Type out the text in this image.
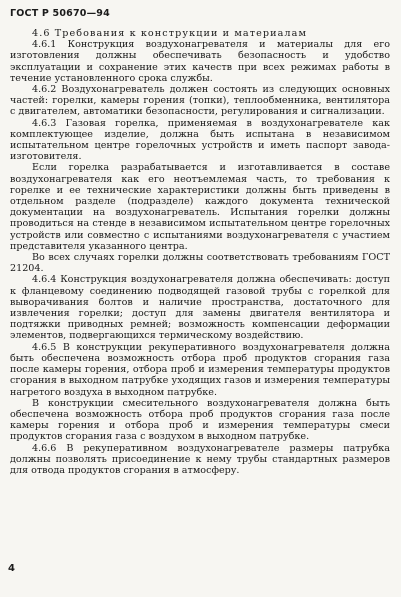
ГОСТ Р 50670—94

4.6 Требования к конструкции и материалам

4.6.1 Конструкция воздухонагревателя и материалы для его изготовления должны обеспечивать безопасность и удобство эксплуатации и сохранение этих качеств при всех режимах работы в течение установленного срока службы.

4.6.2 Воздухонагреватель должен состоять из следующих основных частей: горелки, камеры горения (топки), теплообменника, вентилятора с двигателем, автоматики безопасности, регулирования и сигнализации.

4.6.3 Газовая горелка, применяемая в воздухонагревателе как комплектующее изделие, должна быть испытана в независимом испытательном центре горелочных устройств и иметь паспорт завода-изготовителя.

Если горелка разрабатывается и изготавливается в составе воздухонагревателя как его неотъемлемая часть, то требования к горелке и ее технические характеристики должны быть приведены в отдельном разделе (подразделе) каждого документа технической документации на воздухонагреватель. Испытания горелки должны проводиться на стенде в независимом испытательном центре горелочных устройств или совместно с испытаниями воздухонагревателя с участием представителя указанного центра.

Во всех случаях горелки должны соответствовать требованиям ГОСТ 21204.

4.6.4 Конструкция воздухонагревателя должна обеспечивать: доступ к фланцевому соединению подводящей газовой трубы с горелкой для выворачивания болтов и наличие пространства, достаточного для извлечения горелки; доступ для замены двигателя вентилятора и подтяжки приводных ремней; возможность компенсации деформации элементов, подвергающихся термическому воздействию.

4.6.5 В конструкции рекуперативного воздухонагревателя должна быть обеспечена возможность отбора проб продуктов сгорания газа после камеры горения, отбора проб и измерения температуры продуктов сгорания в выходном патрубке уходящих газов и измерения температуры нагретого воздуха в выходном патрубке.

В конструкции смесительного воздухонагревателя должна быть обеспечена возможность отбора проб продуктов сгорания газа после камеры горения и отбора проб и измерения температуры смеси продуктов сгорания газа с воздухом в выходном патрубке.

4.6.6 В рекуперативном воздухонагревателе размеры патрубка должны позволять присоединение к нему трубы стандартных размеров для отвода продуктов сгорания в атмосферу.

4
